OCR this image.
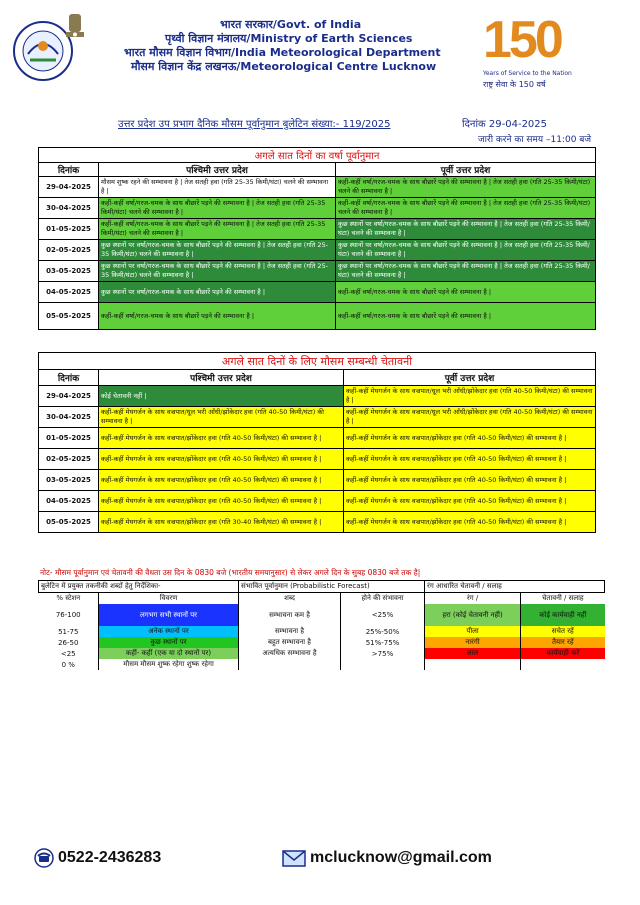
भारत सरकार/Govt. of India
पृथ्वी विज्ञान मंत्रालय/Ministry of Earth Sciences
भारत मौसम विज्ञान विभाग/India Meteorological Department
मौसम विज्ञान केंद्र लखनऊ/Meteorological Centre Lucknow 150
Years of Service to the Nation
राष्ट्र सेवा के 150 वर्ष
उत्तर प्रदेश उप प्रभाग दैनिक मौसम पूर्वानुमान बुलेटिन संख्या:- 119/2025	दिनांक 29-04-2025
जारी करने का समय –11:00 बजे
अगले सात दिनों का वर्षा पूर्वानुमान		
दिनांक	पश्चिमी उत्तर प्रदेश	पूर्वी उत्तर प्रदेश
29-04-2025	मौसम शुष्क रहने की सम्भावना है | तेज सतही हवा (गति 25-35 किमी/घंटा) चलने की सम्भावना है |	कहीं-कहीं वर्षा/गरज-चमक के साथ बौछारें पड़ने की सम्भावना है | तेज सतही हवा (गति 25-35 किमी/घंटा) चलने की सम्भावना है |
30-04-2025	कहीं-कहीं वर्षा/गरज-चमक के साथ बौछारें पड़ने की सम्भावना है | तेज सतही हवा (गति 25-35 किमी/घंटा) चलने की सम्भावना है |	कहीं-कहीं वर्षा/गरज-चमक के साथ बौछारें पड़ने की सम्भावना है | तेज सतही हवा (गति 25-35 किमी/घंटा) चलने की सम्भावना है |
01-05-2025	कहीं-कहीं वर्षा/गरज-चमक के साथ बौछारें पड़ने की सम्भावना है | तेज सतही हवा (गति 25-35 किमी/घंटा) चलने की सम्भावना है |	कुछ स्थानों पर वर्षा/गरज-चमक के साथ बौछारें पड़ने की सम्भावना है | तेज सतही हवा (गति 25-35 किमी/घंटा) चलने की सम्भावना है |
02-05-2025	कुछ स्थानों पर वर्षा/गरज-चमक के साथ बौछारें पड़ने की सम्भावना है | तेज सतही हवा (गति 25-35 किमी/घंटा) चलने की सम्भावना है |	कुछ स्थानों पर वर्षा/गरज-चमक के साथ बौछारें पड़ने की सम्भावना है | तेज सतही हवा (गति 25-35 किमी/घंटा) चलने की सम्भावना है |
03-05-2025	कुछ स्थानों पर वर्षा/गरज-चमक के साथ बौछारें पड़ने की सम्भावना है | तेज सतही हवा (गति 25-35 किमी/घंटा) चलने की सम्भावना है |	कुछ स्थानों पर वर्षा/गरज-चमक के साथ बौछारें पड़ने की सम्भावना है | तेज सतही हवा (गति 25-35 किमी/घंटा) चलने की सम्भावना है |
04-05-2025	कुछ स्थानों पर वर्षा/गरज-चमक के साथ बौछारें पड़ने की सम्भावना है |	कहीं-कहीं वर्षा/गरज-चमक के साथ बौछारें पड़ने की सम्भावना है |
05-05-2025	कहीं-कहीं वर्षा/गरज-चमक के साथ बौछारें पड़ने की सम्भावना है |	कहीं-कहीं वर्षा/गरज-चमक के साथ बौछारें पड़ने की सम्भावना है |
अगले सात दिनों के लिए मौसम सम्बन्धी चेतावनी		
दिनांक	पश्चिमी उत्तर प्रदेश	पूर्वी उत्तर प्रदेश
29-04-2025	कोई चेतावनी नहीं |	कहीं-कहीं मेघगर्जन के साथ वज्रपात/धूल भरी आँधी/झोंकेदार हवा (गति 40-50 किमी/घंटा) की सम्भावना है |
30-04-2025	कहीं-कहीं मेघगर्जन के साथ वज्रपात/धूल भरी आँधी/झोंकेदार हवा (गति 40-50 किमी/घंटा) की सम्भावना है |	कहीं-कहीं मेघगर्जन के साथ वज्रपात/धूल भरी आँधी/झोंकेदार हवा (गति 40-50 किमी/घंटा) की सम्भावना है |
01-05-2025	कहीं-कहीं मेघगर्जन के साथ वज्रपात/झोंकेदार हवा (गति 40-50 किमी/घंटा) की सम्भावना है |	कहीं-कहीं मेघगर्जन के साथ वज्रपात/झोंकेदार हवा (गति 40-50 किमी/घंटा) की सम्भावना है |
02-05-2025	कहीं-कहीं मेघगर्जन के साथ वज्रपात/झोंकेदार हवा (गति 40-50 किमी/घंटा) की सम्भावना है |	कहीं-कहीं मेघगर्जन के साथ वज्रपात/झोंकेदार हवा (गति 40-50 किमी/घंटा) की सम्भावना है |
03-05-2025	कहीं-कहीं मेघगर्जन के साथ वज्रपात/झोंकेदार हवा (गति 40-50 किमी/घंटा) की सम्भावना है |	कहीं-कहीं मेघगर्जन के साथ वज्रपात/झोंकेदार हवा (गति 40-50 किमी/घंटा) की सम्भावना है |
04-05-2025	कहीं-कहीं मेघगर्जन के साथ वज्रपात/झोंकेदार हवा (गति 40-50 किमी/घंटा) की सम्भावना है |	कहीं-कहीं मेघगर्जन के साथ वज्रपात/झोंकेदार हवा (गति 40-50 किमी/घंटा) की सम्भावना है |
05-05-2025	कहीं-कहीं मेघगर्जन के साथ वज्रपात/झोंकेदार हवा (गति 30-40 किमी/घंटा) की सम्भावना है |	कहीं-कहीं मेघगर्जन के साथ वज्रपात/झोंकेदार हवा (गति 40-50 किमी/घंटा) की सम्भावना है |
नोट- मौसम पूर्वानुमान एवं चेतावनी की वैधता उस दिन के 0830 बजे (भारतीय समयानुसार) से लेकर अगले दिन के सुबह 0830 बजे तक है|
बुलेटिन में प्रयुक्त तकनीकी शब्दों हेतु निर्देशिका-		संभावित पूर्वानुमान (Probabilistic Forecast)		रंग आधारित चेतावनी / सलाह	
% स्टेशन	विवरण	शब्द	होने की संभावना	रंग /	चेतावनी / सलाह
76-100	लगभग सभी स्थानों पर	सम्भावना कम है	<25%	हरा (कोई चेतावनी नहीं)	कोई कार्यवाही नहीं
51-75	अनेक स्थानों पर	सम्भावना है	25%-50%	पीला	सचेत रहें
26-50	कुछ स्थानों पर	बहुत सम्भावना है	51%-75%	नारंगी	तैयार रहें
<25	कहीं- कहीं (एक या दो स्थानों पर)	अत्यधिक सम्भावना है	>75%	लाल	कार्यवाही करें
0 %	मौसम मौसम शुष्क रहेगा शुष्क रहेगा				
0522-2436283	mclucknow@gmail.com
